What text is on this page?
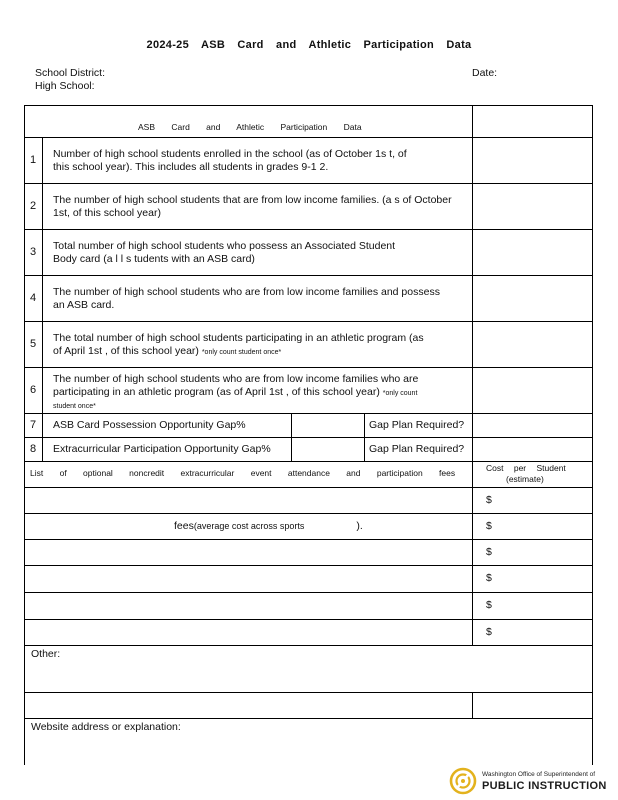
2024-25 ASB Card and Athletic Participation Data
School District:	Date:
High School:
ASB Card and Athletic Participation Data
1 Number of high school students enrolled in the school (as of October 1s t, of
this school year). This includes all students in grades 9-1 2.
2 The number of high school students that are from low income families. (a s of October
1st, of this school year)
3 Total number of high school students who possess an Associated Student
Body card (a l l s tudents with an ASB card)
4 The number of high school students who are from low income families and possess
an ASB card.
5 The total number of high school students participating in an athletic program (as
of April 1st , of this school year) *only count student once*
6
The number of high school students who are from low income families who are
participating in an athletic program (as of April 1st , of this school year) *only count
student once*
7 ASB Card Possession Opportunity Gap%	Gap Plan Required?
8 Extracurricular Participation Opportunity Gap%	Gap Plan Required?
List of optional noncredit extracurricular event attendance and participation fees	Cost per Student
(estimate)
$
fees(average cost across sports	).	$
$
$
$
$
Other:
Website address or explanation:
Washington Office of Superintendent of
PUBLIC INSTRUCTION
